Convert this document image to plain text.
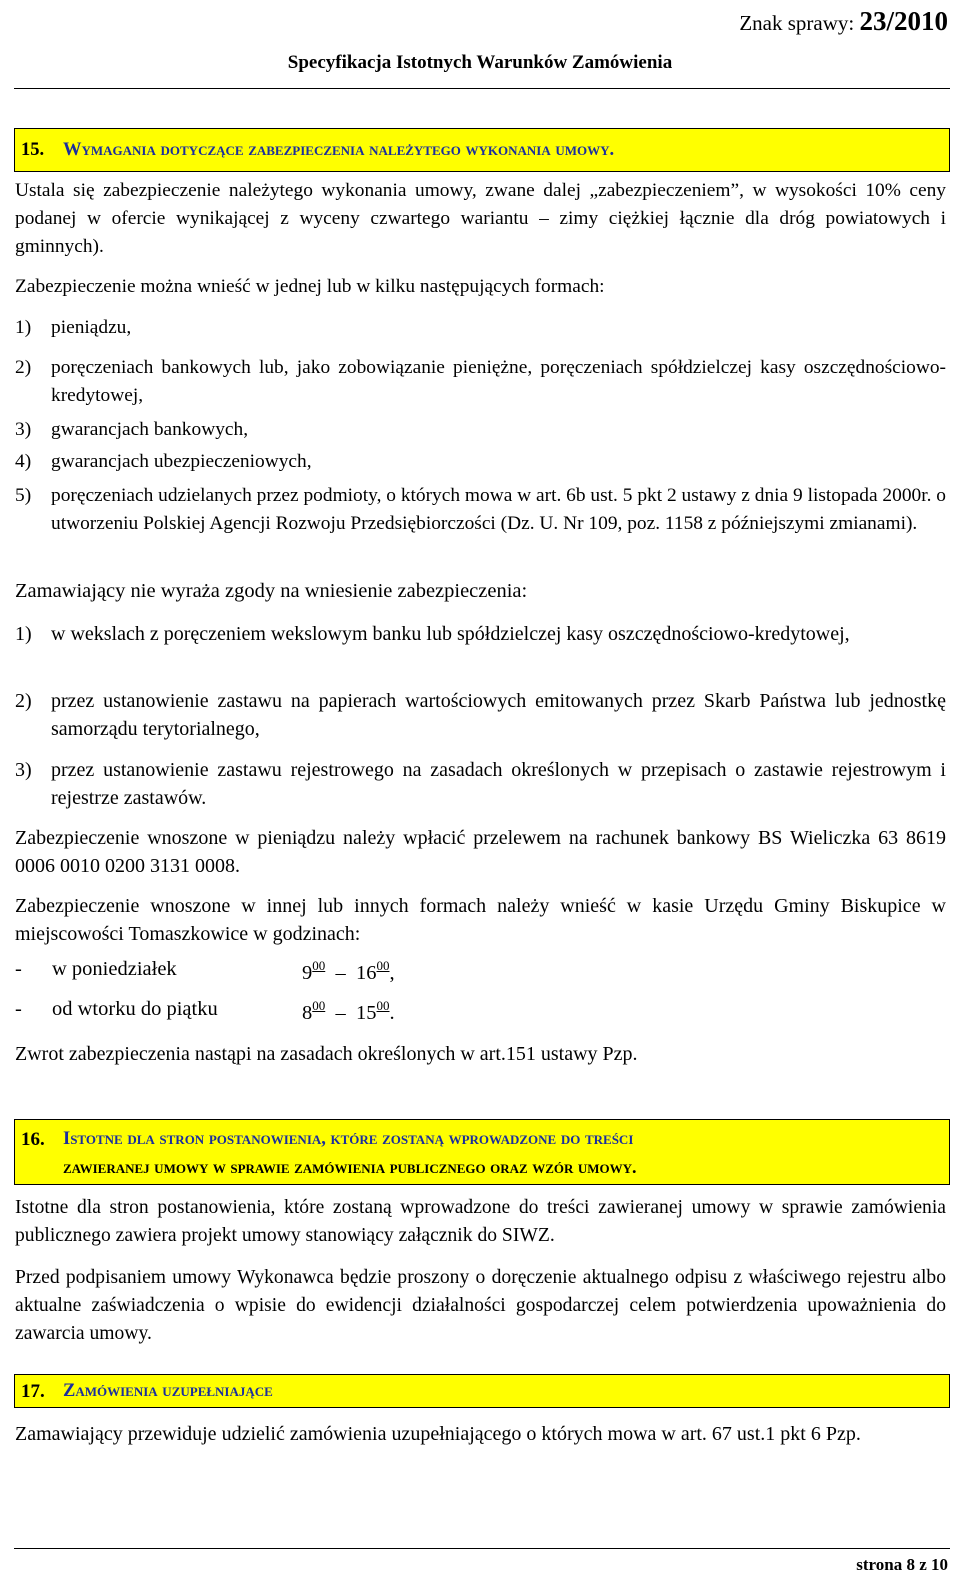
Znak sprawy: 23/2010
Specyfikacja Istotnych Warunków Zamówienia
15. Wymagania dotyczące zabezpieczenia należytego wykonania umowy.
Ustala się zabezpieczenie należytego wykonania umowy, zwane dalej „zabezpieczeniem”, w wysokości 10% ceny podanej w ofercie wynikającej z wyceny czwartego wariantu – zimy ciężkiej łącznie dla dróg powiatowych i gminnych).
Zabezpieczenie można wnieść w jednej lub w kilku następujących formach:
1) pieniądzu,
2) poręczeniach bankowych lub, jako zobowiązanie pieniężne, poręczeniach spółdzielczej kasy oszczędnościowo-kredytowej,
3) gwarancjach bankowych,
4) gwarancjach ubezpieczeniowych,
5) poręczeniach udzielanych przez podmioty, o których mowa w art. 6b ust. 5 pkt 2 ustawy z dnia 9 listopada 2000r. o utworzeniu Polskiej Agencji Rozwoju Przedsiębiorczości (Dz. U. Nr 109, poz. 1158 z późniejszymi zmianami).
Zamawiający nie wyraża zgody na wniesienie zabezpieczenia:
1) w wekslach z poręczeniem wekslowym banku lub spółdzielczej kasy oszczędnościowo-kredytowej,
2) przez ustanowienie zastawu na papierach wartościowych emitowanych przez Skarb Państwa lub jednostkę samorządu terytorialnego,
3) przez ustanowienie zastawu rejestrowego na zasadach określonych w przepisach o zastawie rejestrowym i rejestrze zastawów.
Zabezpieczenie wnoszone w pieniądzu należy wpłacić przelewem na rachunek bankowy BS Wieliczka 63 8619 0006 0010 0200 3131 0008.
Zabezpieczenie wnoszone w innej lub innych formach należy wnieść w kasie Urzędu Gminy Biskupice w miejscowości Tomaszkowice w godzinach:
- w poniedziałek	$9^{00} - 16^{00}$,
- od wtorku do piątku	$8^{00} - 15^{00}$.
Zwrot zabezpieczenia nastąpi na zasadach określonych w art.151 ustawy Pzp.
16. Istotne dla stron postanowienia, które zostaną wprowadzone do treści
zawieranej umowy w sprawie zamówienia publicznego oraz wzór umowy.
Istotne dla stron postanowienia, które zostaną wprowadzone do treści zawieranej umowy w sprawie zamówienia publicznego zawiera projekt umowy stanowiący załącznik do SIWZ.
Przed podpisaniem umowy Wykonawca będzie proszony o doręczenie aktualnego odpisu z właściwego rejestru albo aktualne zaświadczenia o wpisie do ewidencji działalności gospodarczej celem potwierdzenia upoważnienia do zawarcia umowy.
17. Zamówienia uzupełniające
Zamawiający przewiduje udzielić zamówienia uzupełniającego o których mowa w art. 67 ust.1 pkt 6 Pzp.
strona 8 z 10
